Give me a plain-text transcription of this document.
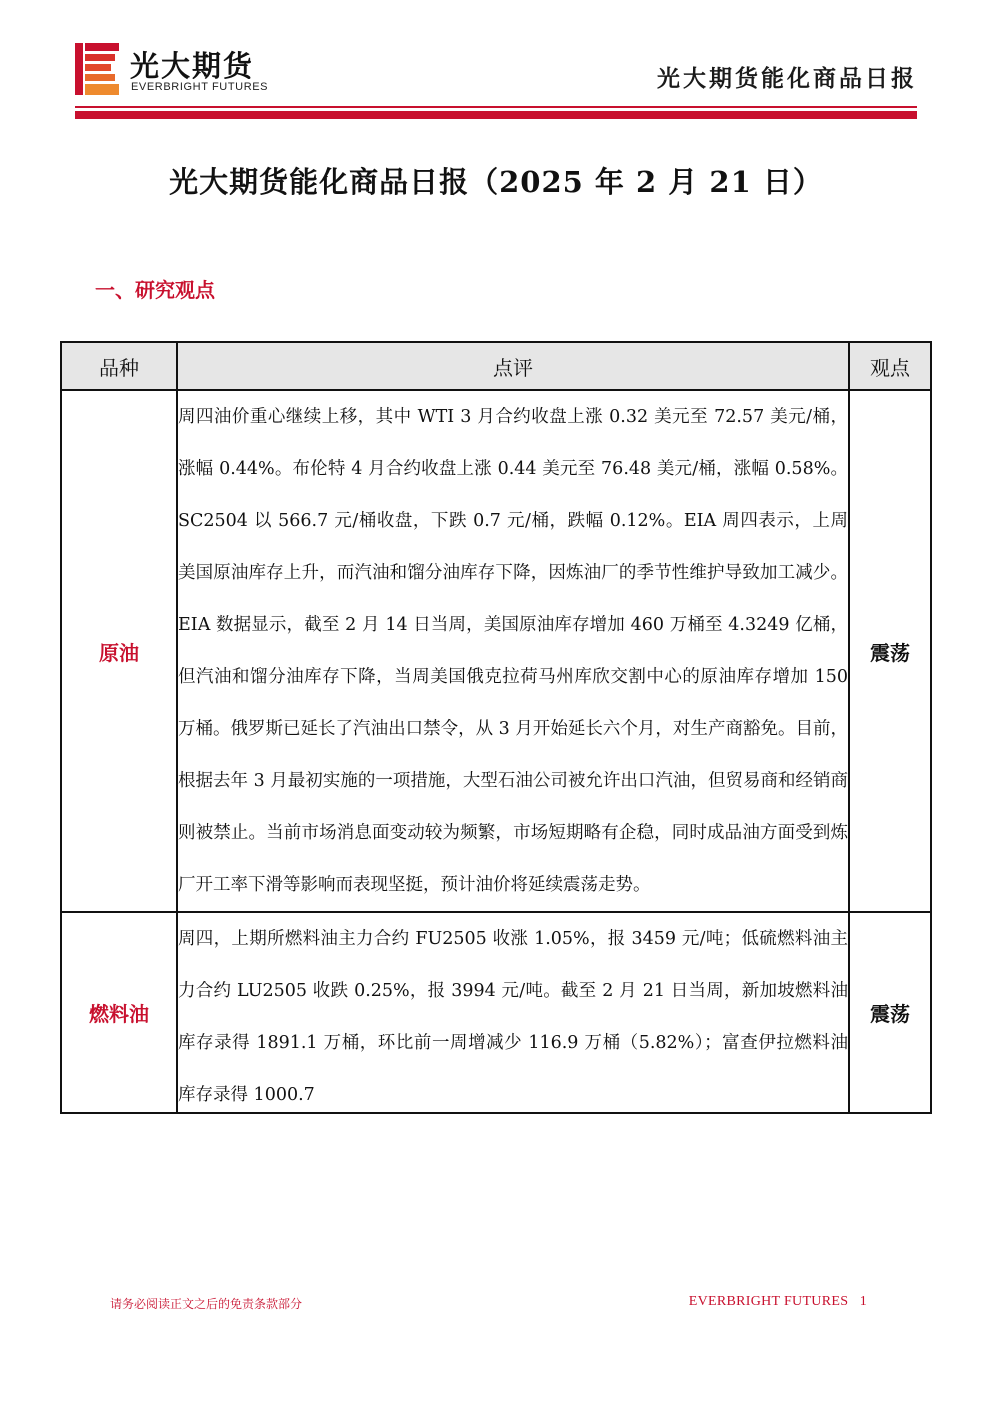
光大期货
EVERBRIGHT FUTURES	光大期货能化商品日报
光大期货能化商品日报（2025 年 2 月 21 日）
一、研究观点
品种	点评	观点
原油	周四油价重心继续上移，其中 WTI 3 月合约收盘上涨 0.32 美元至 72.57 美元/桶，涨幅 0.44%。布伦特 4 月合约收盘上涨 0.44 美元至 76.48 美元/桶，涨幅 0.58%。SC2504 以 566.7 元/桶收盘，下跌 0.7 元/桶，跌幅 0.12%。EIA 周四表示，上周美国原油库存上升，而汽油和馏分油库存下降，因炼油厂的季节性维护导致加工减少。EIA 数据显示，截至 2 月 14 日当周，美国原油库存增加 460 万桶至 4.3249 亿桶，但汽油和馏分油库存下降，当周美国俄克拉荷马州库欣交割中心的原油库存增加 150 万桶。俄罗斯已延长了汽油出口禁令，从 3 月开始延长六个月，对生产商豁免。目前，根据去年 3 月最初实施的一项措施，大型石油公司被允许出口汽油，但贸易商和经销商则被禁止。当前市场消息面变动较为频繁，市场短期略有企稳，同时成品油方面受到炼厂开工率下滑等影响而表现坚挺，预计油价将延续震荡走势。	震荡
燃料油	周四，上期所燃料油主力合约 FU2505 收涨 1.05%，报 3459 元/吨；低硫燃料油主力合约 LU2505 收跌 0.25%，报 3994 元/吨。截至 2 月 21 日当周，新加坡燃料油库存录得 1891.1 万桶，环比前一周增减少 116.9 万桶（5.82%）；富查伊拉燃料油库存录得 1000.7	震荡
请务必阅读正文之后的免责条款部分	EVERBRIGHT FUTURES 1
